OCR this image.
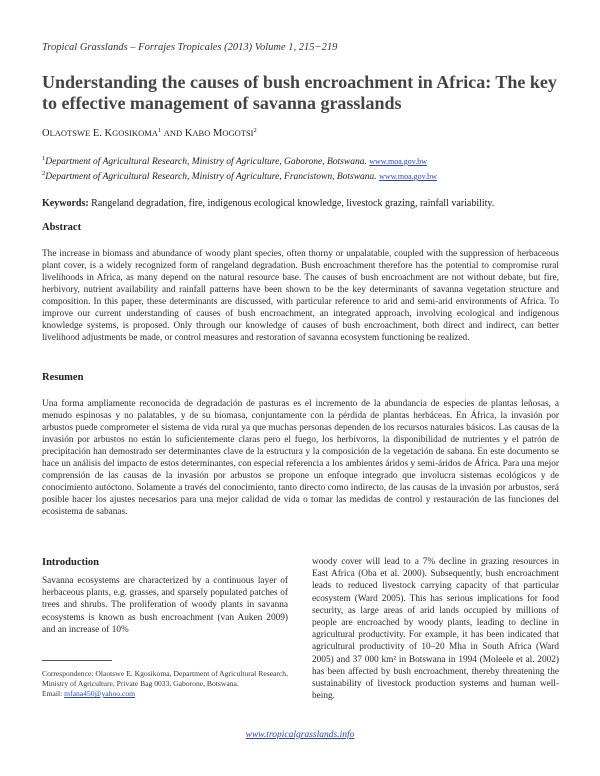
Tropical Grasslands – Forrajes Tropicales (2013) Volume 1, 215−219
Understanding the causes of bush encroachment in Africa: The key to effective management of savanna grasslands
OLAOTSWE E. KGOSIKOMA$^1$ AND KABO MOGOTSI$^2$
$^1$Department of Agricultural Research, Ministry of Agriculture, Gaborone, Botswana. www.moa.gov.bw
$^2$Department of Agricultural Research, Ministry of Agriculture, Francistown, Botswana. www.moa.gov.bw
Keywords: Rangeland degradation, fire, indigenous ecological knowledge, livestock grazing, rainfall variability.
Abstract

The increase in biomass and abundance of woody plant species, often thorny or unpalatable, coupled with the suppression of herbaceous plant cover, is a widely recognized form of rangeland degradation. Bush encroachment therefore has the potential to compromise rural livelihoods in Africa, as many depend on the natural resource base. The causes of bush encroachment are not without debate, but fire, herbivory, nutrient availability and rainfall patterns have been shown to be the key determinants of savanna vegetation structure and composition. In this paper, these determinants are discussed, with particular reference to arid and semi-arid environments of Africa. To improve our current understanding of causes of bush encroachment, an integrated approach, involving ecological and indigenous knowledge systems, is proposed. Only through our knowledge of causes of bush encroachment, both direct and indirect, can better livelihood adjustments be made, or control measures and restoration of savanna ecosystem functioning be realized.

Resumen

Una forma ampliamente reconocida de degradación de pasturas es el incremento de la abundancia de especies de plantas leñosas, a menudo espinosas y no palatables, y de su biomasa, conjuntamente con la pérdida de plantas herbáceas. En África, la invasión por arbustos puede comprometer el sistema de vida rural ya que muchas personas dependen de los recursos naturales básicos. Las causas de la invasión por arbustos no están lo suficientemente claras pero el fuego, los herbívoros, la disponibilidad de nutrientes y el patrón de precipitación han demostrado ser determinantes clave de la estructura y la composición de la vegetación de sabana. En este documento se hace un análisis del impacto de estos determinantes, con especial referencia a los ambientes áridos y semi-áridos de África. Para una mejor comprensión de las causas de la invasión por arbustos se propone un enfoque integrado que involucra sistemas ecológicos y de conocimiento autóctono. Solamente a través del conocimiento, tanto directo como indirecto, de las causas de la invasión por arbustos, será posible hacer los ajustes necesarios para una mejor calidad de vida o tomar las medidas de control y restauración de las funciones del ecosistema de sabanas.

Introduction

Savanna ecosystems are characterized by a continuous layer of herbaceous plants, e.g. grasses, and sparsely populated patches of trees and shrubs. The proliferation of woody plants in savanna ecosystems is known as bush encroachment (van Auken 2009) and an increase of 10%

woody cover will lead to a 7% decline in grazing resources in East Africa (Oba et al. 2000). Subsequently, bush encroachment leads to reduced livestock carrying capacity of that particular ecosystem (Ward 2005). This has serious implications for food security, as large areas of arid lands occupied by millions of people are encroached by woody plants, leading to decline in agricultural productivity. For example, it has been indicated that agricultural productivity of 10–20 Mha in South Africa (Ward 2005) and 37 000 km² in Botswana in 1994 (Moleele et al. 2002) has been affected by bush encroachment, thereby threatening the sustainability of livestock production systems and human well-being.

Correspondence: Olaotswe E. Kgosikoma, Department of Agricultural Research, Ministry of Agriculture, Private Bag 0033, Gaborone, Botswana.
Email: mfana450@yahoo.com

www.tropicalgrasslands.info
